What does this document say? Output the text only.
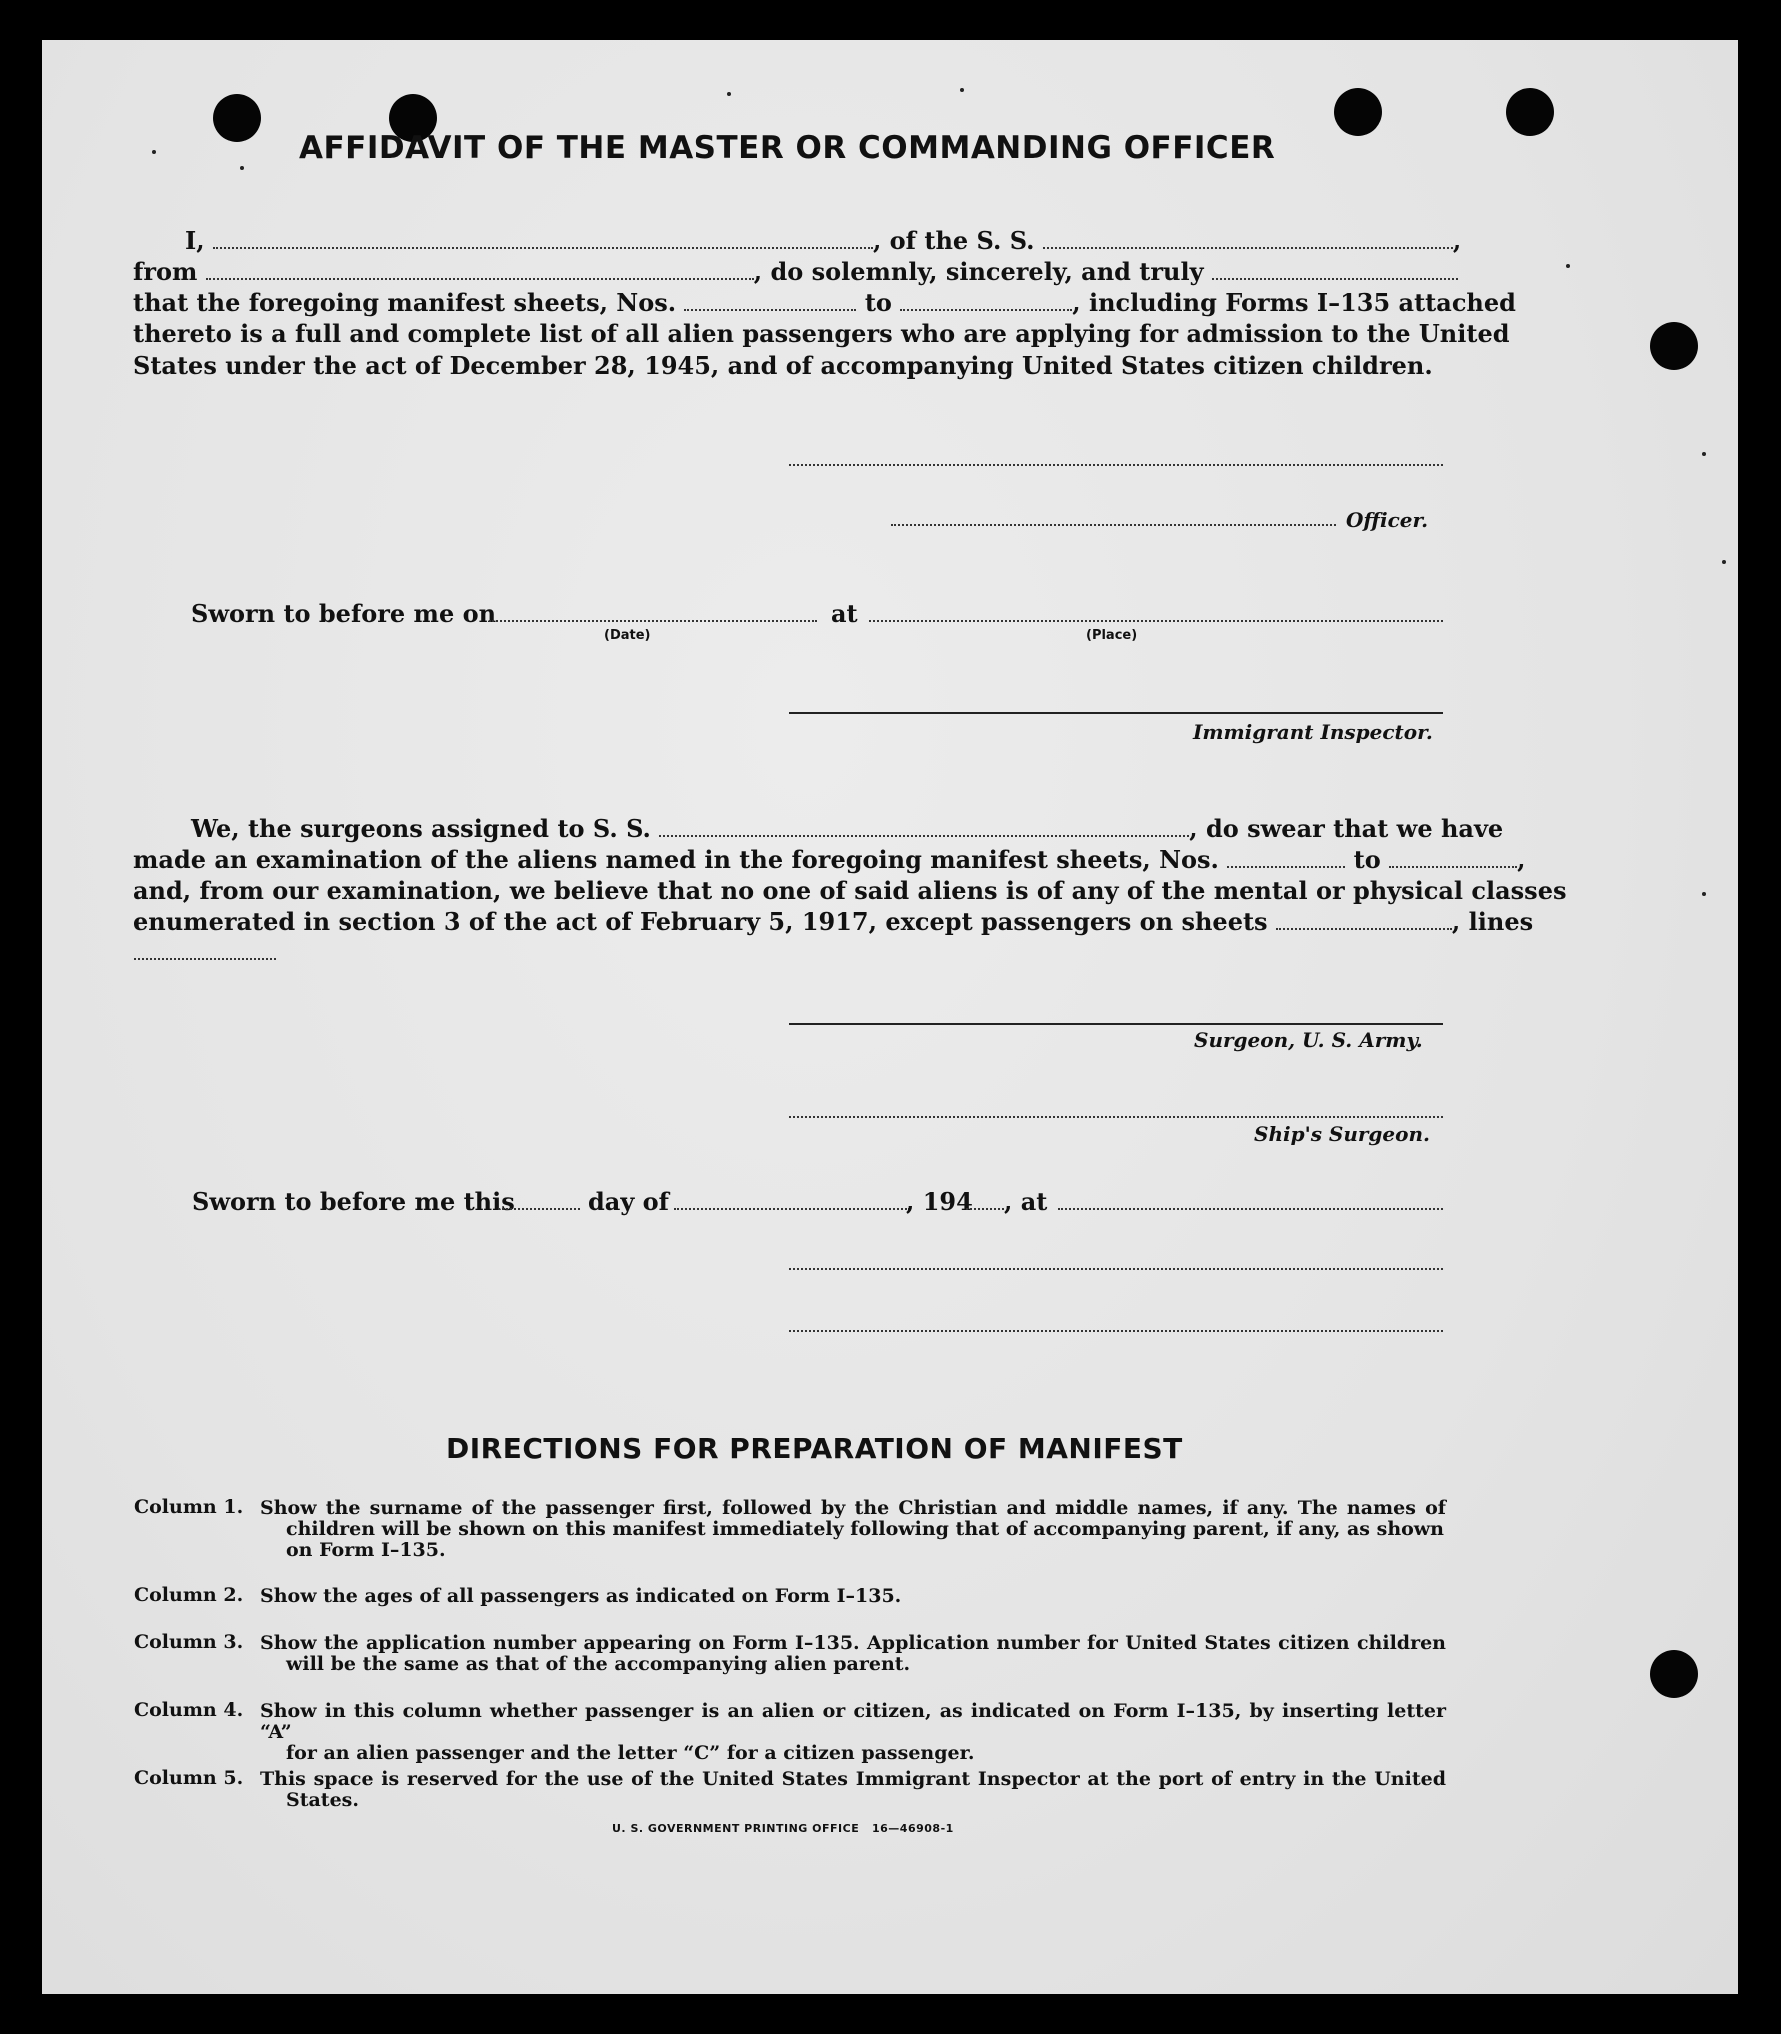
AFFIDAVIT OF THE MASTER OR COMMANDING OFFICER
I,	, of the S. S.	,
from	, do solemnly, sincerely, and truly
that the foregoing manifest sheets, Nos.	to	, including Forms I–135 attached
thereto is a full and complete list of all alien passengers who are applying for admission to the United
States under the act of December 28, 1945, and of accompanying United States citizen children.
Officer.
Sworn to before me on	at
(Date)	(Place)
Immigrant Inspector.
We, the surgeons assigned to S. S.	, do swear that we have
made an examination of the aliens named in the foregoing manifest sheets, Nos.	to	,
and, from our examination, we believe that no one of said aliens is of any of the mental or physical classes
enumerated in section 3 of the act of February 5, 1917, except passengers on sheets	, lines
Surgeon, U. S. Army.
Ship's Surgeon.
Sworn to before me this	day of	, 194 , at
DIRECTIONS FOR PREPARATION OF MANIFEST
Column 1. Show the surname of the passenger first, followed by the Christian and middle names, if any. The names of
children will be shown on this manifest immediately following that of accompanying parent, if any, as shown
on Form I–135.
Column 2. Show the ages of all passengers as indicated on Form I–135.
Column 3. Show the application number appearing on Form I–135. Application number for United States citizen children
will be the same as that of the accompanying alien parent.
Column 4. Show in this column whether passenger is an alien or citizen, as indicated on Form I–135, by inserting letter “A”
for an alien passenger and the letter “C” for a citizen passenger.
Column 5. This space is reserved for the use of the United States Immigrant Inspector at the port of entry in the United
States.
U. S. GOVERNMENT PRINTING OFFICE 16—46908-1
